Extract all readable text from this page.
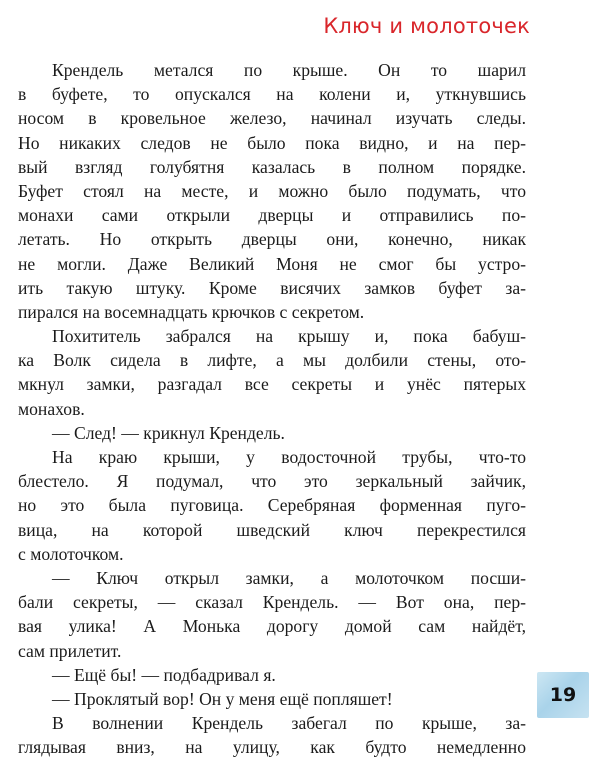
Ключ и молоточек
Крендель метался по крыше. Он то шарил
в буфете, то опускался на колени и, уткнувшись
носом в кровельное железо, начинал изучать следы.
Но никаких следов не было пока видно, и на пер-
вый взгляд голубятня казалась в полном порядке.
Буфет стоял на месте, и можно было подумать, что
монахи сами открыли дверцы и отправились по-
летать. Но открыть дверцы они, конечно, никак
не могли. Даже Великий Моня не смог бы устро-
ить такую штуку. Кроме висячих замков буфет за-
пирался на восемнадцать крючков с секретом.
Похититель забрался на крышу и, пока бабуш-
ка Волк сидела в лифте, а мы долбили стены, ото-
мкнул замки, разгадал все секреты и унёс пятерых
монахов.
— След! — крикнул Крендель.
На краю крыши, у водосточной трубы, что-то
блестело. Я подумал, что это зеркальный зайчик,
но это была пуговица. Серебряная форменная пуго-
вица, на которой шведский ключ перекрестился
с молоточком.
— Ключ открыл замки, а молоточком посши-
бали секреты, — сказал Крендель. — Вот она, пер-
вая улика! А Монька дорогу домой сам найдёт,
сам прилетит.
— Ещё бы! — подбадривал я.
— Проклятый вор! Он у меня ещё попляшет!
В волнении Крендель забегал по крыше, за-
глядывая вниз, на улицу, как будто немедленно
19
